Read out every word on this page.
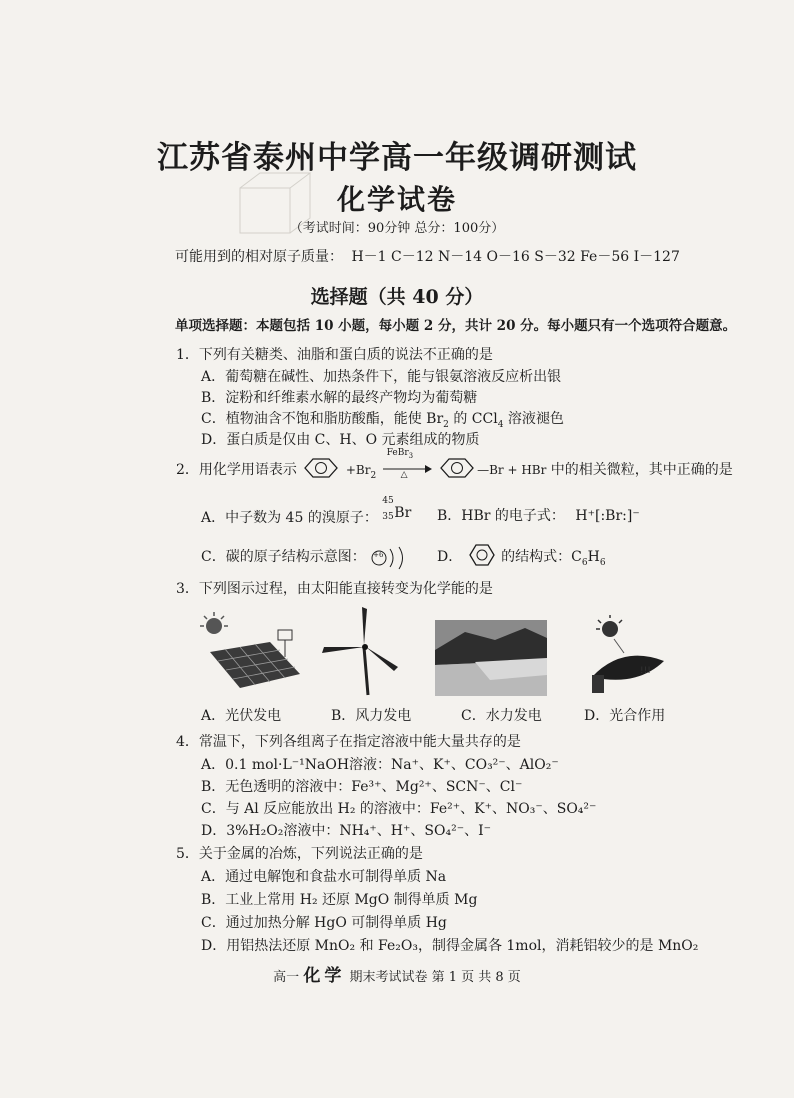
江苏省泰州中学高一年级调研测试
化学试卷
（考试时间：90分钟 总分：100分）
可能用到的相对原子质量： H－1 C－12 N－14 O－16 S－32 Fe－56 I－127
选择题（共 40 分）
单项选择题：本题包括 10 小题，每小题 2 分，共计 20 分。每小题只有一个选项符合题意。
1．下列有关糖类、油脂和蛋白质的说法不正确的是
A．葡萄糖在碱性、加热条件下，能与银氨溶液反应析出银
B．淀粉和纤维素水解的最终产物均为葡萄糖
C．植物油含不饱和脂肪酸酯，能使 $Br_2$ 的 CCl$_4$ 溶液褪色
D．蛋白质是仅由 C、H、O 元素组成的物质
2．用化学用语表示	$+Br_2$
FeBr$_3$
△	—Br + HBr 中的相关微粒，其中正确的是
A．中子数为 45 的溴原子：
45
35 Br B．HBr 的电子式： H⁺[:Br:]⁻
C．碳的原子结构示意图： +6	D．	的结构式：$C_6H_6$
3．下列图示过程，由太阳能直接转变为化学能的是
!!!
A．光伏发电	B．风力发电	C．水力发电	D．光合作用
4．常温下，下列各组离子在指定溶液中能大量共存的是
A．0.1 mol·L⁻¹NaOH溶液：Na⁺、K⁺、CO₃²⁻、AlO₂⁻
B．无色透明的溶液中：Fe³⁺、Mg²⁺、SCN⁻、Cl⁻
C．与 Al 反应能放出 H₂ 的溶液中：Fe²⁺、K⁺、NO₃⁻、SO₄²⁻
D．3%H₂O₂溶液中：NH₄⁺、H⁺、SO₄²⁻、I⁻
5．关于金属的冶炼，下列说法正确的是
A．通过电解饱和食盐水可制得单质 Na
B．工业上常用 H₂ 还原 MgO 制得单质 Mg
C．通过加热分解 HgO 可制得单质 Hg
D．用铝热法还原 MnO₂ 和 Fe₂O₃，制得金属各 1mol，消耗铝较少的是 MnO₂
高一 化学 期末考试试卷 第 1 页 共 8 页
